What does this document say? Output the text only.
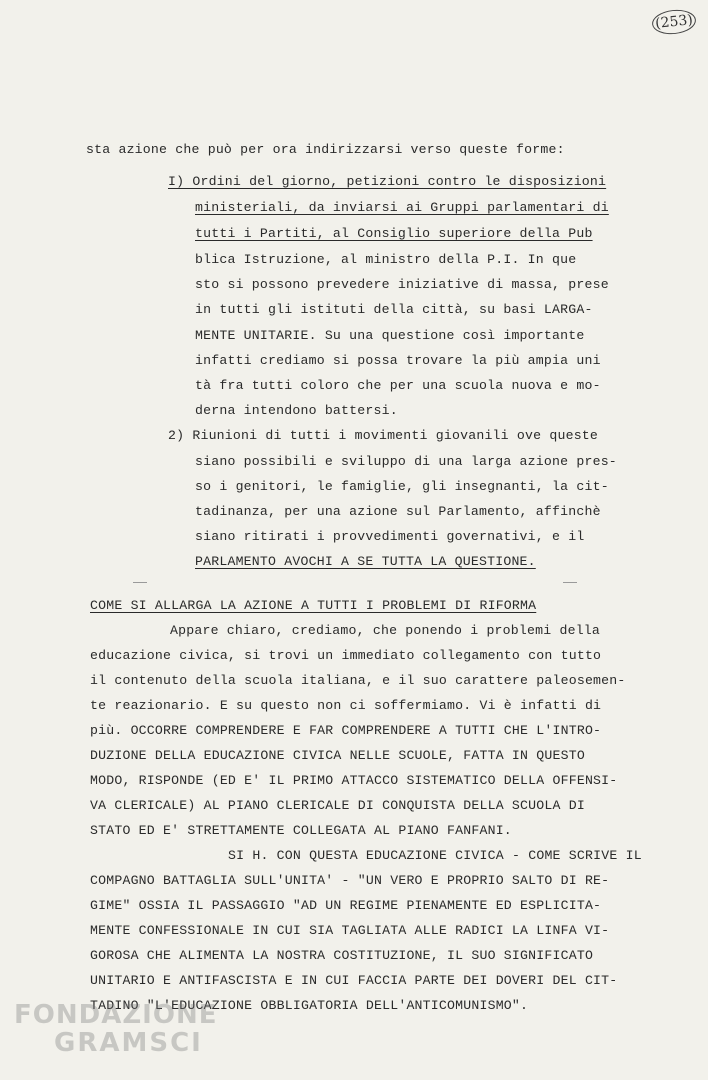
(253)
sta azione che può per ora indirizzarsi verso queste forme:
I) Ordini del giorno, petizioni contro le disposizioni
ministeriali, da inviarsi ai Gruppi parlamentari di
tutti i Partiti, al Consiglio superiore della Pub
blica Istruzione, al ministro della P.I. In que
sto si possono prevedere iniziative di massa, prese
in tutti gli istituti della città, su basi LARGA-
MENTE UNITARIE. Su una questione così importante
infatti crediamo si possa trovare la più ampia uni
tà fra tutti coloro che per una scuola nuova e mo-
derna intendono battersi.
2) Riunioni di tutti i movimenti giovanili ove queste
siano possibili e sviluppo di una larga azione pres-
so i genitori, le famiglie, gli insegnanti, la cit-
tadinanza, per una azione sul Parlamento, affinchè
siano ritirati i provvedimenti governativi, e il
PARLAMENTO AVOCHI A SE TUTTA LA QUESTIONE.
COME SI ALLARGA LA AZIONE A TUTTI I PROBLEMI DI RIFORMA
Appare chiaro, crediamo, che ponendo i problemi della
educazione civica, si trovi un immediato collegamento con tutto
il contenuto della scuola italiana, e il suo carattere paleosemen-
te reazionario. E su questo non ci soffermiamo. Vi è infatti di
più. OCCORRE COMPRENDERE E FAR COMPRENDERE A TUTTI CHE L'INTRO-
DUZIONE DELLA EDUCAZIONE CIVICA NELLE SCUOLE, FATTA IN QUESTO
MODO, RISPONDE (ED E' IL PRIMO ATTACCO SISTEMATICO DELLA OFFENSI-
VA CLERICALE) AL PIANO CLERICALE DI CONQUISTA DELLA SCUOLA DI
STATO ED E' STRETTAMENTE COLLEGATA AL PIANO FANFANI.
SI H. CON QUESTA EDUCAZIONE CIVICA - COME SCRIVE IL
COMPAGNO BATTAGLIA SULL'UNITA' - "UN VERO E PROPRIO SALTO DI RE-
GIME" OSSIA IL PASSAGGIO "AD UN REGIME PIENAMENTE ED ESPLICITA-
MENTE CONFESSIONALE IN CUI SIA TAGLIATA ALLE RADICI LA LINFA VI-
GOROSA CHE ALIMENTA LA NOSTRA COSTITUZIONE, IL SUO SIGNIFICATO
UNITARIO E ANTIFASCISTA E IN CUI FACCIA PARTE DEI DOVERI DEL CIT-
TADINO "L'EDUCAZIONE OBBLIGATORIA DELL'ANTICOMUNISMO".
FONDAZIONE
GRAMSCI
